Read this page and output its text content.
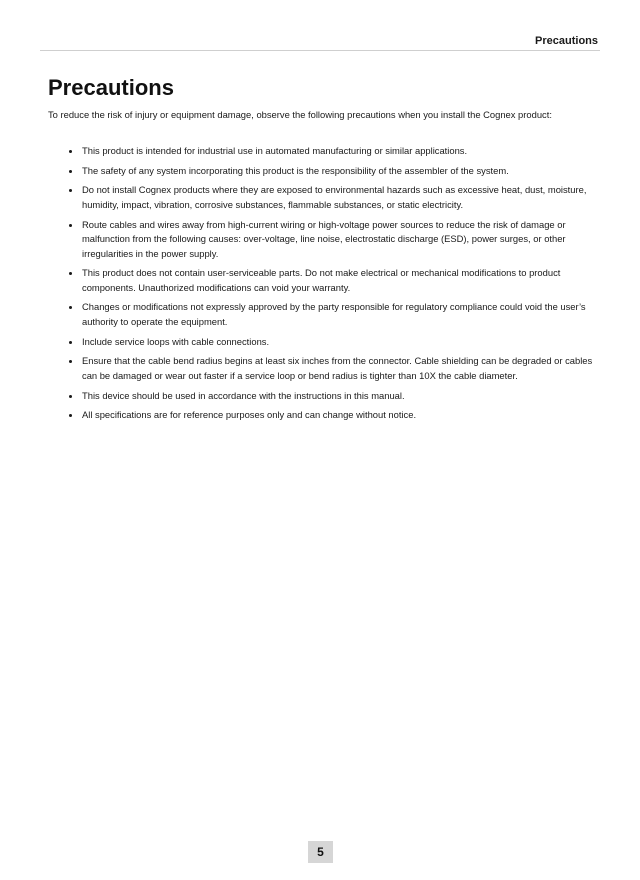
Precautions
Precautions

To reduce the risk of injury or equipment damage, observe the following precautions when you install the Cognex product:

This product is intended for industrial use in automated manufacturing or similar applications.
The safety of any system incorporating this product is the responsibility of the assembler of the system.
Do not install Cognex products where they are exposed to environmental hazards such as excessive heat, dust, moisture, humidity, impact, vibration, corrosive substances, flammable substances, or static electricity.
Route cables and wires away from high-current wiring or high-voltage power sources to reduce the risk of damage or malfunction from the following causes: over-voltage, line noise, electrostatic discharge (ESD), power surges, or other irregularities in the power supply.
This product does not contain user-serviceable parts. Do not make electrical or mechanical modifications to product components. Unauthorized modifications can void your warranty.
Changes or modifications not expressly approved by the party responsible for regulatory compliance could void the user’s authority to operate the equipment.
Include service loops with cable connections.
Ensure that the cable bend radius begins at least six inches from the connector. Cable shielding can be degraded or cables can be damaged or wear out faster if a service loop or bend radius is tighter than 10X the cable diameter.
This device should be used in accordance with the instructions in this manual.
All specifications are for reference purposes only and can change without notice.
5
